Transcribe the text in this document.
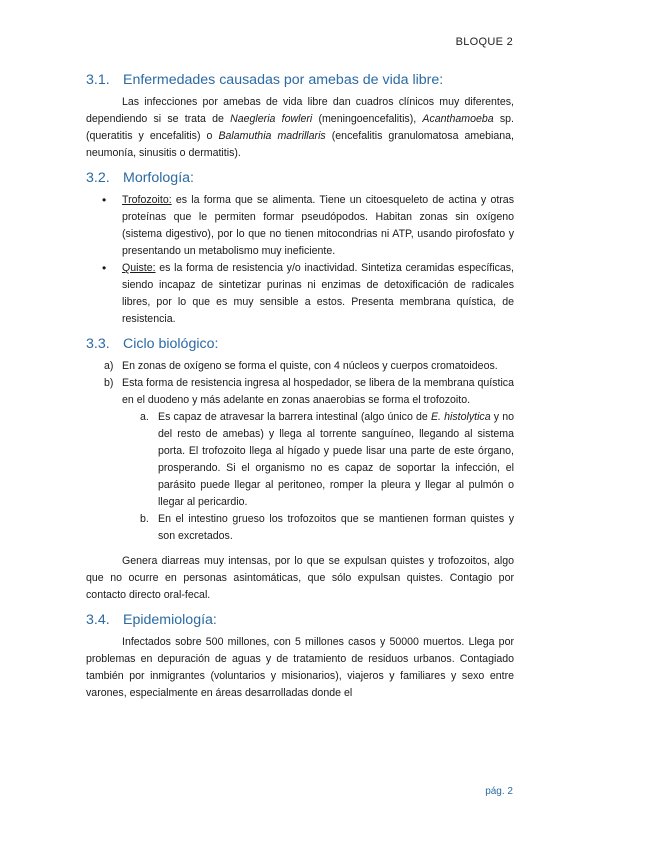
BLOQUE 2
3.1. Enfermedades causadas por amebas de vida libre:

Las infecciones por amebas de vida libre dan cuadros clínicos muy diferentes, dependiendo si se trata de Naegleria fowleri (meningoencefalitis), Acanthamoeba sp. (queratitis y encefalitis) o Balamuthia madrillaris (encefalitis granulomatosa amebiana, neumonía, sinusitis o dermatitis).

3.2. Morfología:
• Trofozoito: es la forma que se alimenta. Tiene un citoesqueleto de actina y otras proteínas que le permiten formar pseudópodos. Habitan zonas sin oxígeno (sistema digestivo), por lo que no tienen mitocondrias ni ATP, usando pirofosfato y presentando un metabolismo muy ineficiente.
• Quiste: es la forma de resistencia y/o inactividad. Sintetiza ceramidas específicas, siendo incapaz de sintetizar purinas ni enzimas de detoxificación de radicales libres, por lo que es muy sensible a estos. Presenta membrana quística, de resistencia.
3.3. Ciclo biológico:
a) En zonas de oxígeno se forma el quiste, con 4 núcleos y cuerpos cromatoideos.
b) Esta forma de resistencia ingresa al hospedador, se libera de la membrana quística en el duodeno y más adelante en zonas anaerobias se forma el trofozoito.
a. Es capaz de atravesar la barrera intestinal (algo único de E. histolytica y no del resto de amebas) y llega al torrente sanguíneo, llegando al sistema porta. El trofozoito llega al hígado y puede lisar una parte de este órgano, prosperando. Si el organismo no es capaz de soportar la infección, el parásito puede llegar al peritoneo, romper la pleura y llegar al pulmón o llegar al pericardio.
b. En el intestino grueso los trofozoitos que se mantienen forman quistes y son excretados.

Genera diarreas muy intensas, por lo que se expulsan quistes y trofozoitos, algo que no ocurre en personas asintomáticas, que sólo expulsan quistes. Contagio por contacto directo oral-fecal.

3.4. Epidemiología:

Infectados sobre 500 millones, con 5 millones casos y 50000 muertos. Llega por problemas en depuración de aguas y de tratamiento de residuos urbanos. Contagiado también por inmigrantes (voluntarios y misionarios), viajeros y familiares y sexo entre varones, especialmente en áreas desarrolladas donde el

pág. 2
